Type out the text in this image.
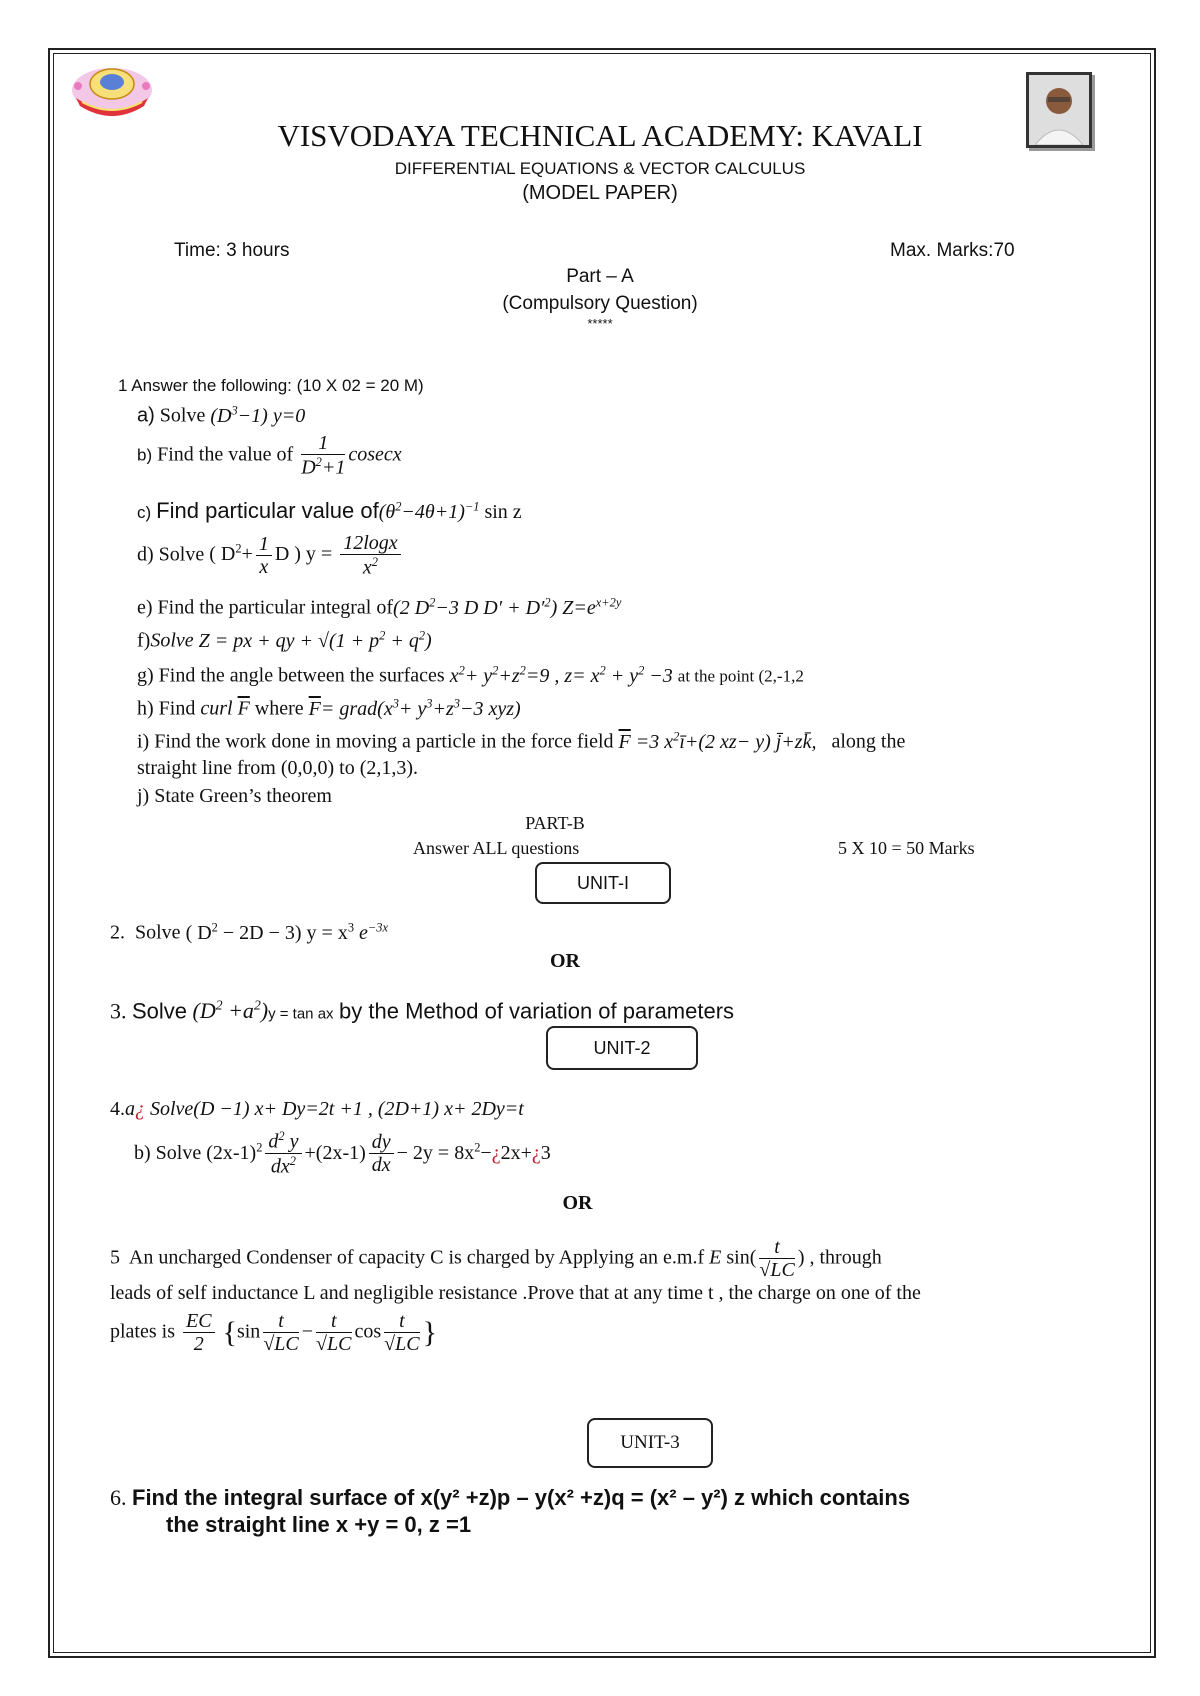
VISVODAYA TECHNICAL ACADEMY: KAVALI
DIFFERENTIAL EQUATIONS & VECTOR CALCULUS
(MODEL PAPER)
Time: 3 hours	Max. Marks:70
Part – A
(Compulsory Question)
*****
1 Answer the following: (10 X 02 = 20 M)
a) Solve $(D^3-1)$ y=0
b) Find the value of $\frac{1}{D^2+1}$ cosecx
c) Find particular value $of(\theta^2-4\theta+1)^{-1}$ sin z
d) Solve ( $D^2+ \frac{1}{x}$ D ) $y = \frac{12\log x}{x^2}$
e) Find the particular integral of(2 $D^2-3$ D $D' + D'^2$) $Z=e^{x+2y}$
f)Solve Z = px + qy + $√(1 + p^2 + q^2)$
g) Find the angle between the surfaces $x^2+ y^2+z^2=9$ , $z= x^2 + y^2 -3$ at the point (2,-1,2
h) Find curl $\overline{F}$ where $\overline{F}=$ $grad(x^3+ y^3+z^3-3$ xyz)
i) Find the work done in moving a particle in the force field $\overline{F} =3$ $x^2ī+(2$ xz− y) j̄+zk̄, along the
straight line from (0,0,0) to (2,1,3).
j) State Green’s theorem
PART-B
Answer ALL questions	5 X 10 = 50 Marks
UNIT-I
2. Solve ( $D^2 - 2D - 3$) $y = x^3$ $e^{-3x}$
OR
3. Solve $(D^2 +a^2)y = \tan$ ax by the Method of variation of parameters
UNIT-2
4.a¿ Solve(D −1) x+ Dy=2t +1 , (2D+1) x+ 2Dy=t
b) Solve $(2x-1)^2 \frac{d^2 y}{dx^2} +(2x-1) \frac{dy}{dx} - 2y$ = $8x^2-¿2x+¿3$
OR
5 An uncharged Condenser of capacity C is charged by Applying an e.m.f E $\sin( \frac{t}{√LC}$ ) , through
leads of self inductance L and negligible resistance .Prove that at any time t , the charge on one of the
plates is $\frac{EC}{2} \{\sin \frac{t}{√LC} - \frac{t}{√LC}$ $\cos \frac{t}{√LC}$ }
UNIT-3
6. Find the integral surface of x(y² +z)p – y(x² +z)q = (x² – y²) z which contains
the straight line x +y = 0, z =1
